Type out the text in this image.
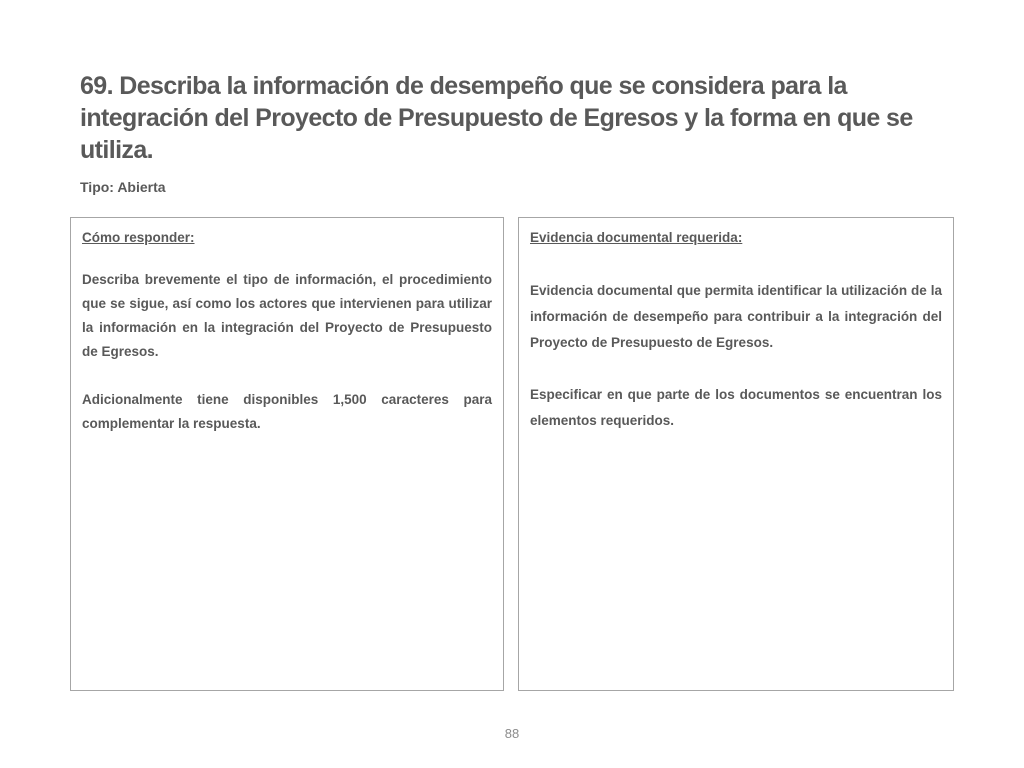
69. Describa la información de desempeño que se considera para la integración del Proyecto de Presupuesto de Egresos y la forma en que se utiliza.
Tipo: Abierta
Cómo responder:

Describa brevemente el tipo de información, el procedimiento que se sigue, así como los actores que intervienen para utilizar la información en la integración del Proyecto de Presupuesto de Egresos.

Adicionalmente tiene disponibles 1,500 caracteres para complementar la respuesta.

Evidencia documental requerida:

Evidencia documental que permita identificar la utilización de la información de desempeño para contribuir a la integración del Proyecto de Presupuesto de Egresos.

Especificar en que parte de los documentos se encuentran los elementos requeridos.

88
